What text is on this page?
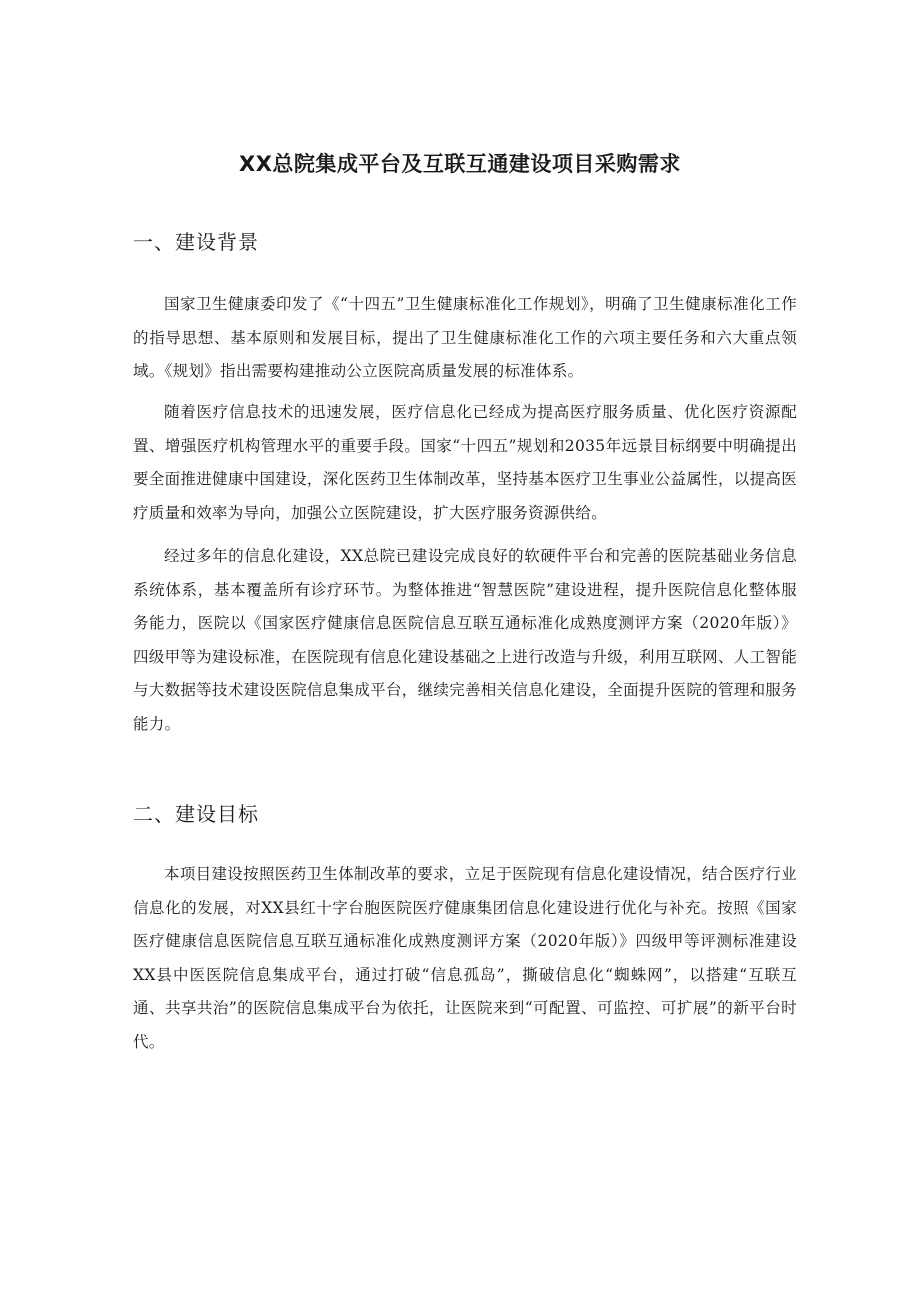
XX总院集成平台及互联互通建设项目采购需求
一、建设背景

国家卫生健康委印发了《“十四五”卫生健康标准化工作规划》，明确了卫生健康标准化工作的指导思想、基本原则和发展目标，提出了卫生健康标准化工作的六项主要任务和六大重点领域。《规划》指出需要构建推动公立医院高质量发展的标准体系。

随着医疗信息技术的迅速发展，医疗信息化已经成为提高医疗服务质量、优化医疗资源配置、增强医疗机构管理水平的重要手段。国家“十四五”规划和2035年远景目标纲要中明确提出要全面推进健康中国建设，深化医药卫生体制改革，坚持基本医疗卫生事业公益属性，以提高医疗质量和效率为导向，加强公立医院建设，扩大医疗服务资源供给。

经过多年的信息化建设，XX总院已建设完成良好的软硬件平台和完善的医院基础业务信息系统体系，基本覆盖所有诊疗环节。为整体推进“智慧医院”建设进程，提升医院信息化整体服务能力，医院以《国家医疗健康信息医院信息互联互通标准化成熟度测评方案（2020年版）》四级甲等为建设标准，在医院现有信息化建设基础之上进行改造与升级，利用互联网、人工智能与大数据等技术建设医院信息集成平台，继续完善相关信息化建设，全面提升医院的管理和服务能力。

二、建设目标

本项目建设按照医药卫生体制改革的要求，立足于医院现有信息化建设情况，结合医疗行业信息化的发展，对XX县红十字台胞医院医疗健康集团信息化建设进行优化与补充。按照《国家医疗健康信息医院信息互联互通标准化成熟度测评方案（2020年版）》四级甲等评测标准建设XX县中医医院信息集成平台，通过打破“信息孤岛”，撕破信息化“蜘蛛网”，以搭建“互联互通、共享共治”的医院信息集成平台为依托，让医院来到“可配置、可监控、可扩展”的新平台时代。
